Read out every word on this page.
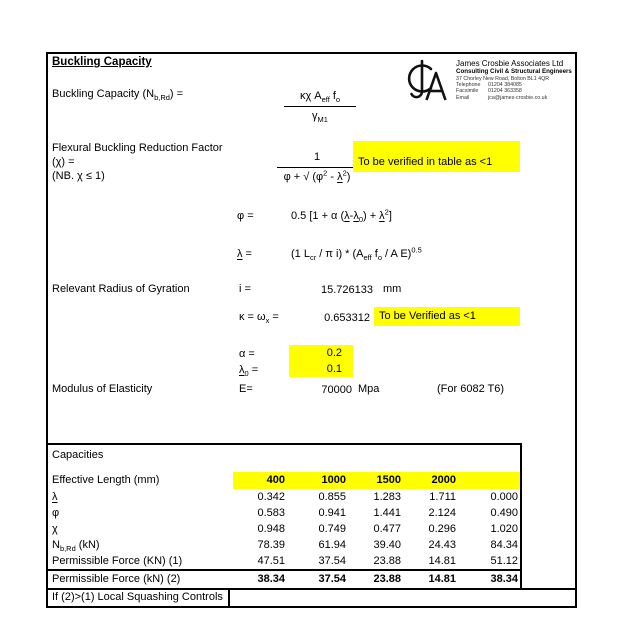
Buckling Capacity	James Crosbie Associates Ltd
Consulting Civil & Structural Engineers
37 Chorley New Road, Bolton BL1 4QR
Telephone	01204 384085
Facsimile	01204 363358
Email	jca@james-crosbie.co.uk
Buckling Capacity $(N_{b,Rd})$ =	κχ $A_{eff}$ $f_o$
$\gamma_{M1}$
Flexural Buckling Reduction Factor
(χ) =
(NB. χ ≤ 1)	$\frac{1}{\varphi + √ (\varphi^2 - \lambda^2)}$ To be verified in table as <1
φ =	0.5 [1 + α $(\lambda-\lambda_0) + \lambda^2$]
λ =	(1 $L_{cr}$ / π $i) * (A_{eff}$ $f_o$ / A E)$^{0.5}$
Relevant Radius of Gyration	i =	15.726133 mm
$\kappa = \omega_x$ =	0.653312 To be Verified as <1
α =	0.2
$\lambda_0$ =	0.1
Modulus of Elasticity	E=	70000 Mpa	(For 6082 T6)
Capacities
Effective Length (mm)	400	1000	1500	2000
λ	0.342	0.855	1.283	1.711	0.000
φ	0.583	0.941	1.441	2.124	0.490
χ	0.948	0.749	0.477	0.296	1.020
$N_{b,Rd}$ (kN)	78.39	61.94	39.40	24.43	84.34
Permissible Force (KN) (1)	47.51	37.54	23.88	14.81	51.12
Permissible Force (kN) (2)	38.34	37.54	23.88	14.81	38.34
If (2)>(1) Local Squashing Controls
